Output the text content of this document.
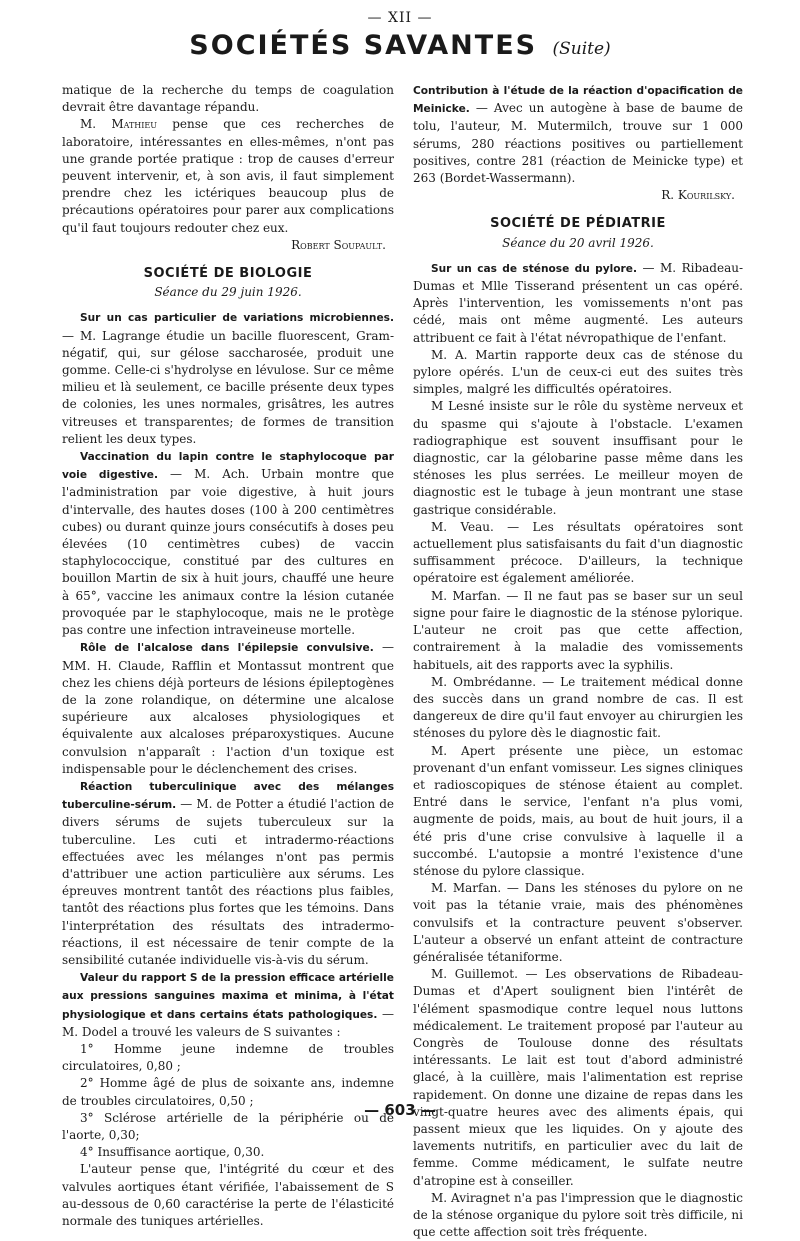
— XII —
SOCIÉTÉS SAVANTES (Suite)

matique de la recherche du temps de coagulation devrait être davantage répandu.

M. Mathieu pense que ces recherches de laboratoire, intéressantes en elles-mêmes, n'ont pas une grande portée pratique : trop de causes d'erreur peuvent intervenir, et, à son avis, il faut simplement prendre chez les ictériques beaucoup plus de précautions opératoires pour parer aux complications qu'il faut toujours redouter chez eux.
Robert Soupault.

SOCIÉTÉ DE BIOLOGIE
Séance du 29 juin 1926.

Sur un cas particulier de variations microbiennes. — M. Lagrange étudie un bacille fluorescent, Gram-négatif, qui, sur gélose saccharosée, produit une gomme. Celle-ci s'hydrolyse en lévulose. Sur ce même milieu et là seulement, ce bacille présente deux types de colonies, les unes normales, grisâtres, les autres vitreuses et transparentes; de formes de transition relient les deux types.

Vaccination du lapin contre le staphylocoque par voie digestive. — M. Ach. Urbain montre que l'administration par voie digestive, à huit jours d'intervalle, des hautes doses (100 à 200 centimètres cubes) ou durant quinze jours consécutifs à doses peu élevées (10 centimètres cubes) de vaccin staphylococcique, constitué par des cultures en bouillon Martin de six à huit jours, chauffé une heure à 65°, vaccine les animaux contre la lésion cutanée provoquée par le staphylocoque, mais ne le protège pas contre une infection intraveineuse mortelle.

Rôle de l'alcalose dans l'épilepsie convulsive. — MM. H. Claude, Rafflin et Montassut montrent que chez les chiens déjà porteurs de lésions épileptogènes de la zone rolandique, on détermine une alcalose supérieure aux alcaloses physiologiques et équivalente aux alcaloses préparoxystiques. Aucune convulsion n'apparaît : l'action d'un toxique est indispensable pour le déclenchement des crises.

Réaction tuberculinique avec des mélanges tuberculine-sérum. — M. de Potter a étudié l'action de divers sérums de sujets tuberculeux sur la tuberculine. Les cuti et intradermo-réactions effectuées avec les mélanges n'ont pas permis d'attribuer une action particulière aux sérums. Les épreuves montrent tantôt des réactions plus faibles, tantôt des réactions plus fortes que les témoins. Dans l'interprétation des résultats des intradermo-réactions, il est nécessaire de tenir compte de la sensibilité cutanée individuelle vis-à-vis du sérum.

Valeur du rapport S de la pression efficace artérielle aux pressions sanguines maxima et minima, à l'état physiologique et dans certains états pathologiques. — M. Dodel a trouvé les valeurs de S suivantes :

1° Homme jeune indemne de troubles circulatoires, 0,80 ;

2° Homme âgé de plus de soixante ans, indemne de troubles circulatoires, 0,50 ;

3° Sclérose artérielle de la périphérie ou de l'aorte, 0,30;

4° Insuffisance aortique, 0,30.

L'auteur pense que, l'intégrité du cœur et des valvules aortiques étant vérifiée, l'abaissement de S au-dessous de 0,60 caractérise la perte de l'élasticité normale des tuniques artérielles.

Contribution à l'étude de la réaction d'opacification de Meinicke. — Avec un autogène à base de baume de tolu, l'auteur, M. Mutermilch, trouve sur 1 000 sérums, 280 réactions positives ou partiellement positives, contre 281 (réaction de Meinicke type) et 263 (Bordet-Wassermann).
R. Kourilsky.

SOCIÉTÉ DE PÉDIATRIE
Séance du 20 avril 1926.

Sur un cas de sténose du pylore. — M. Ribadeau-Dumas et Mlle Tisserand présentent un cas opéré. Après l'intervention, les vomissements n'ont pas cédé, mais ont même augmenté. Les auteurs attribuent ce fait à l'état névropathique de l'enfant.

M. A. Martin rapporte deux cas de sténose du pylore opérés. L'un de ceux-ci eut des suites très simples, malgré les difficultés opératoires.

M Lesné insiste sur le rôle du système nerveux et du spasme qui s'ajoute à l'obstacle. L'examen radiographique est souvent insuffisant pour le diagnostic, car la gélobarine passe même dans les sténoses les plus serrées. Le meilleur moyen de diagnostic est le tubage à jeun montrant une stase gastrique considérable.

M. Veau. — Les résultats opératoires sont actuellement plus satisfaisants du fait d'un diagnostic suffisamment précoce. D'ailleurs, la technique opératoire est également améliorée.

M. Marfan. — Il ne faut pas se baser sur un seul signe pour faire le diagnostic de la sténose pylorique. L'auteur ne croit pas que cette affection, contrairement à la maladie des vomissements habituels, ait des rapports avec la syphilis.

M. Ombrédanne. — Le traitement médical donne des succès dans un grand nombre de cas. Il est dangereux de dire qu'il faut envoyer au chirurgien les sténoses du pylore dès le diagnostic fait.

M. Apert présente une pièce, un estomac provenant d'un enfant vomisseur. Les signes cliniques et radioscopiques de sténose étaient au complet. Entré dans le service, l'enfant n'a plus vomi, augmente de poids, mais, au bout de huit jours, il a été pris d'une crise convulsive à laquelle il a succombé. L'autopsie a montré l'existence d'une sténose du pylore classique.

M. Marfan. — Dans les sténoses du pylore on ne voit pas la tétanie vraie, mais des phénomènes convulsifs et la contracture peuvent s'observer. L'auteur a observé un enfant atteint de contracture généralisée tétaniforme.

M. Guillemot. — Les observations de Ribadeau-Dumas et d'Apert soulignent bien l'intérêt de l'élément spasmodique contre lequel nous luttons médicalement. Le traitement proposé par l'auteur au Congrès de Toulouse donne des résultats intéressants. Le lait est tout d'abord administré glacé, à la cuillère, mais l'alimentation est reprise rapidement. On donne une dizaine de repas dans les vingt-quatre heures avec des aliments épais, qui passent mieux que les liquides. On y ajoute des lavements nutritifs, en particulier avec du lait de femme. Comme médicament, le sulfate neutre d'atropine est à conseiller.

M. Aviragnet n'a pas l'impression que le diagnostic de la sténose organique du pylore soit très difficile, ni que cette affection soit très fréquente.

— 603 —
